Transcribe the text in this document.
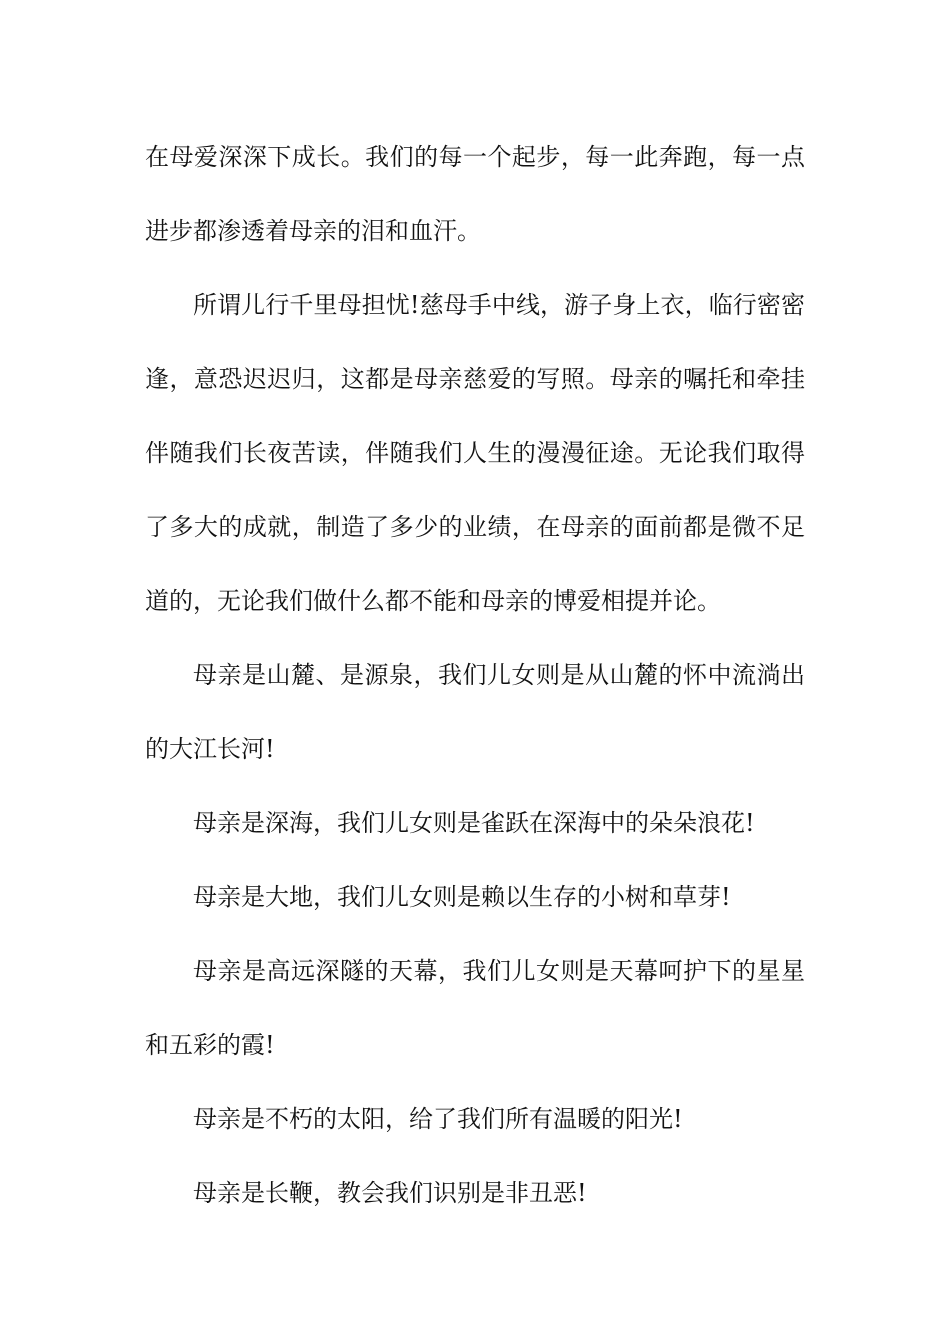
在母爱深深下成长。我们的每一个起步，每一此奔跑，每一点进步都渗透着母亲的泪和血汗。

所谓儿行千里母担忧!慈母手中线，游子身上衣，临行密密逢，意恐迟迟归，这都是母亲慈爱的写照。母亲的嘱托和牵挂伴随我们长夜苦读，伴随我们人生的漫漫征途。无论我们取得了多大的成就，制造了多少的业绩，在母亲的面前都是微不足道的，无论我们做什么都不能和母亲的博爱相提并论。

母亲是山麓、是源泉，我们儿女则是从山麓的怀中流淌出的大江长河!

母亲是深海，我们儿女则是雀跃在深海中的朵朵浪花!

母亲是大地，我们儿女则是赖以生存的小树和草芽!

母亲是高远深隧的天幕，我们儿女则是天幕呵护下的星星和五彩的霞!

母亲是不朽的太阳，给了我们所有温暖的阳光!

母亲是长鞭，教会我们识别是非丑恶!
